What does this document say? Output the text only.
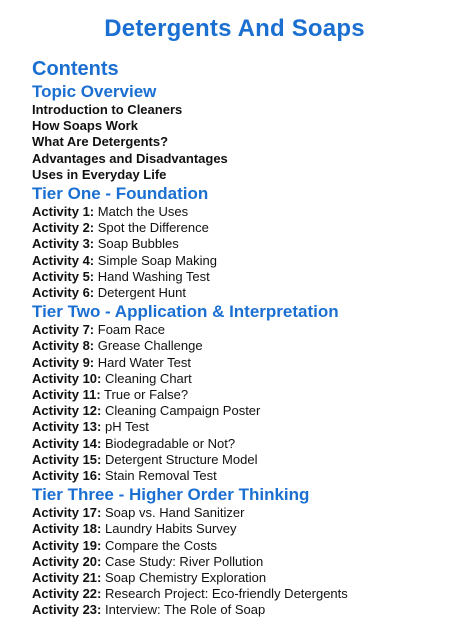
Detergents And Soaps
Contents
Topic Overview
Introduction to Cleaners
How Soaps Work
What Are Detergents?
Advantages and Disadvantages
Uses in Everyday Life
Tier One - Foundation
Activity 1: Match the Uses
Activity 2: Spot the Difference
Activity 3: Soap Bubbles
Activity 4: Simple Soap Making
Activity 5: Hand Washing Test
Activity 6: Detergent Hunt
Tier Two - Application & Interpretation
Activity 7: Foam Race
Activity 8: Grease Challenge
Activity 9: Hard Water Test
Activity 10: Cleaning Chart
Activity 11: True or False?
Activity 12: Cleaning Campaign Poster
Activity 13: pH Test
Activity 14: Biodegradable or Not?
Activity 15: Detergent Structure Model
Activity 16: Stain Removal Test
Tier Three - Higher Order Thinking
Activity 17: Soap vs. Hand Sanitizer
Activity 18: Laundry Habits Survey
Activity 19: Compare the Costs
Activity 20: Case Study: River Pollution
Activity 21: Soap Chemistry Exploration
Activity 22: Research Project: Eco-friendly Detergents
Activity 23: Interview: The Role of Soap
